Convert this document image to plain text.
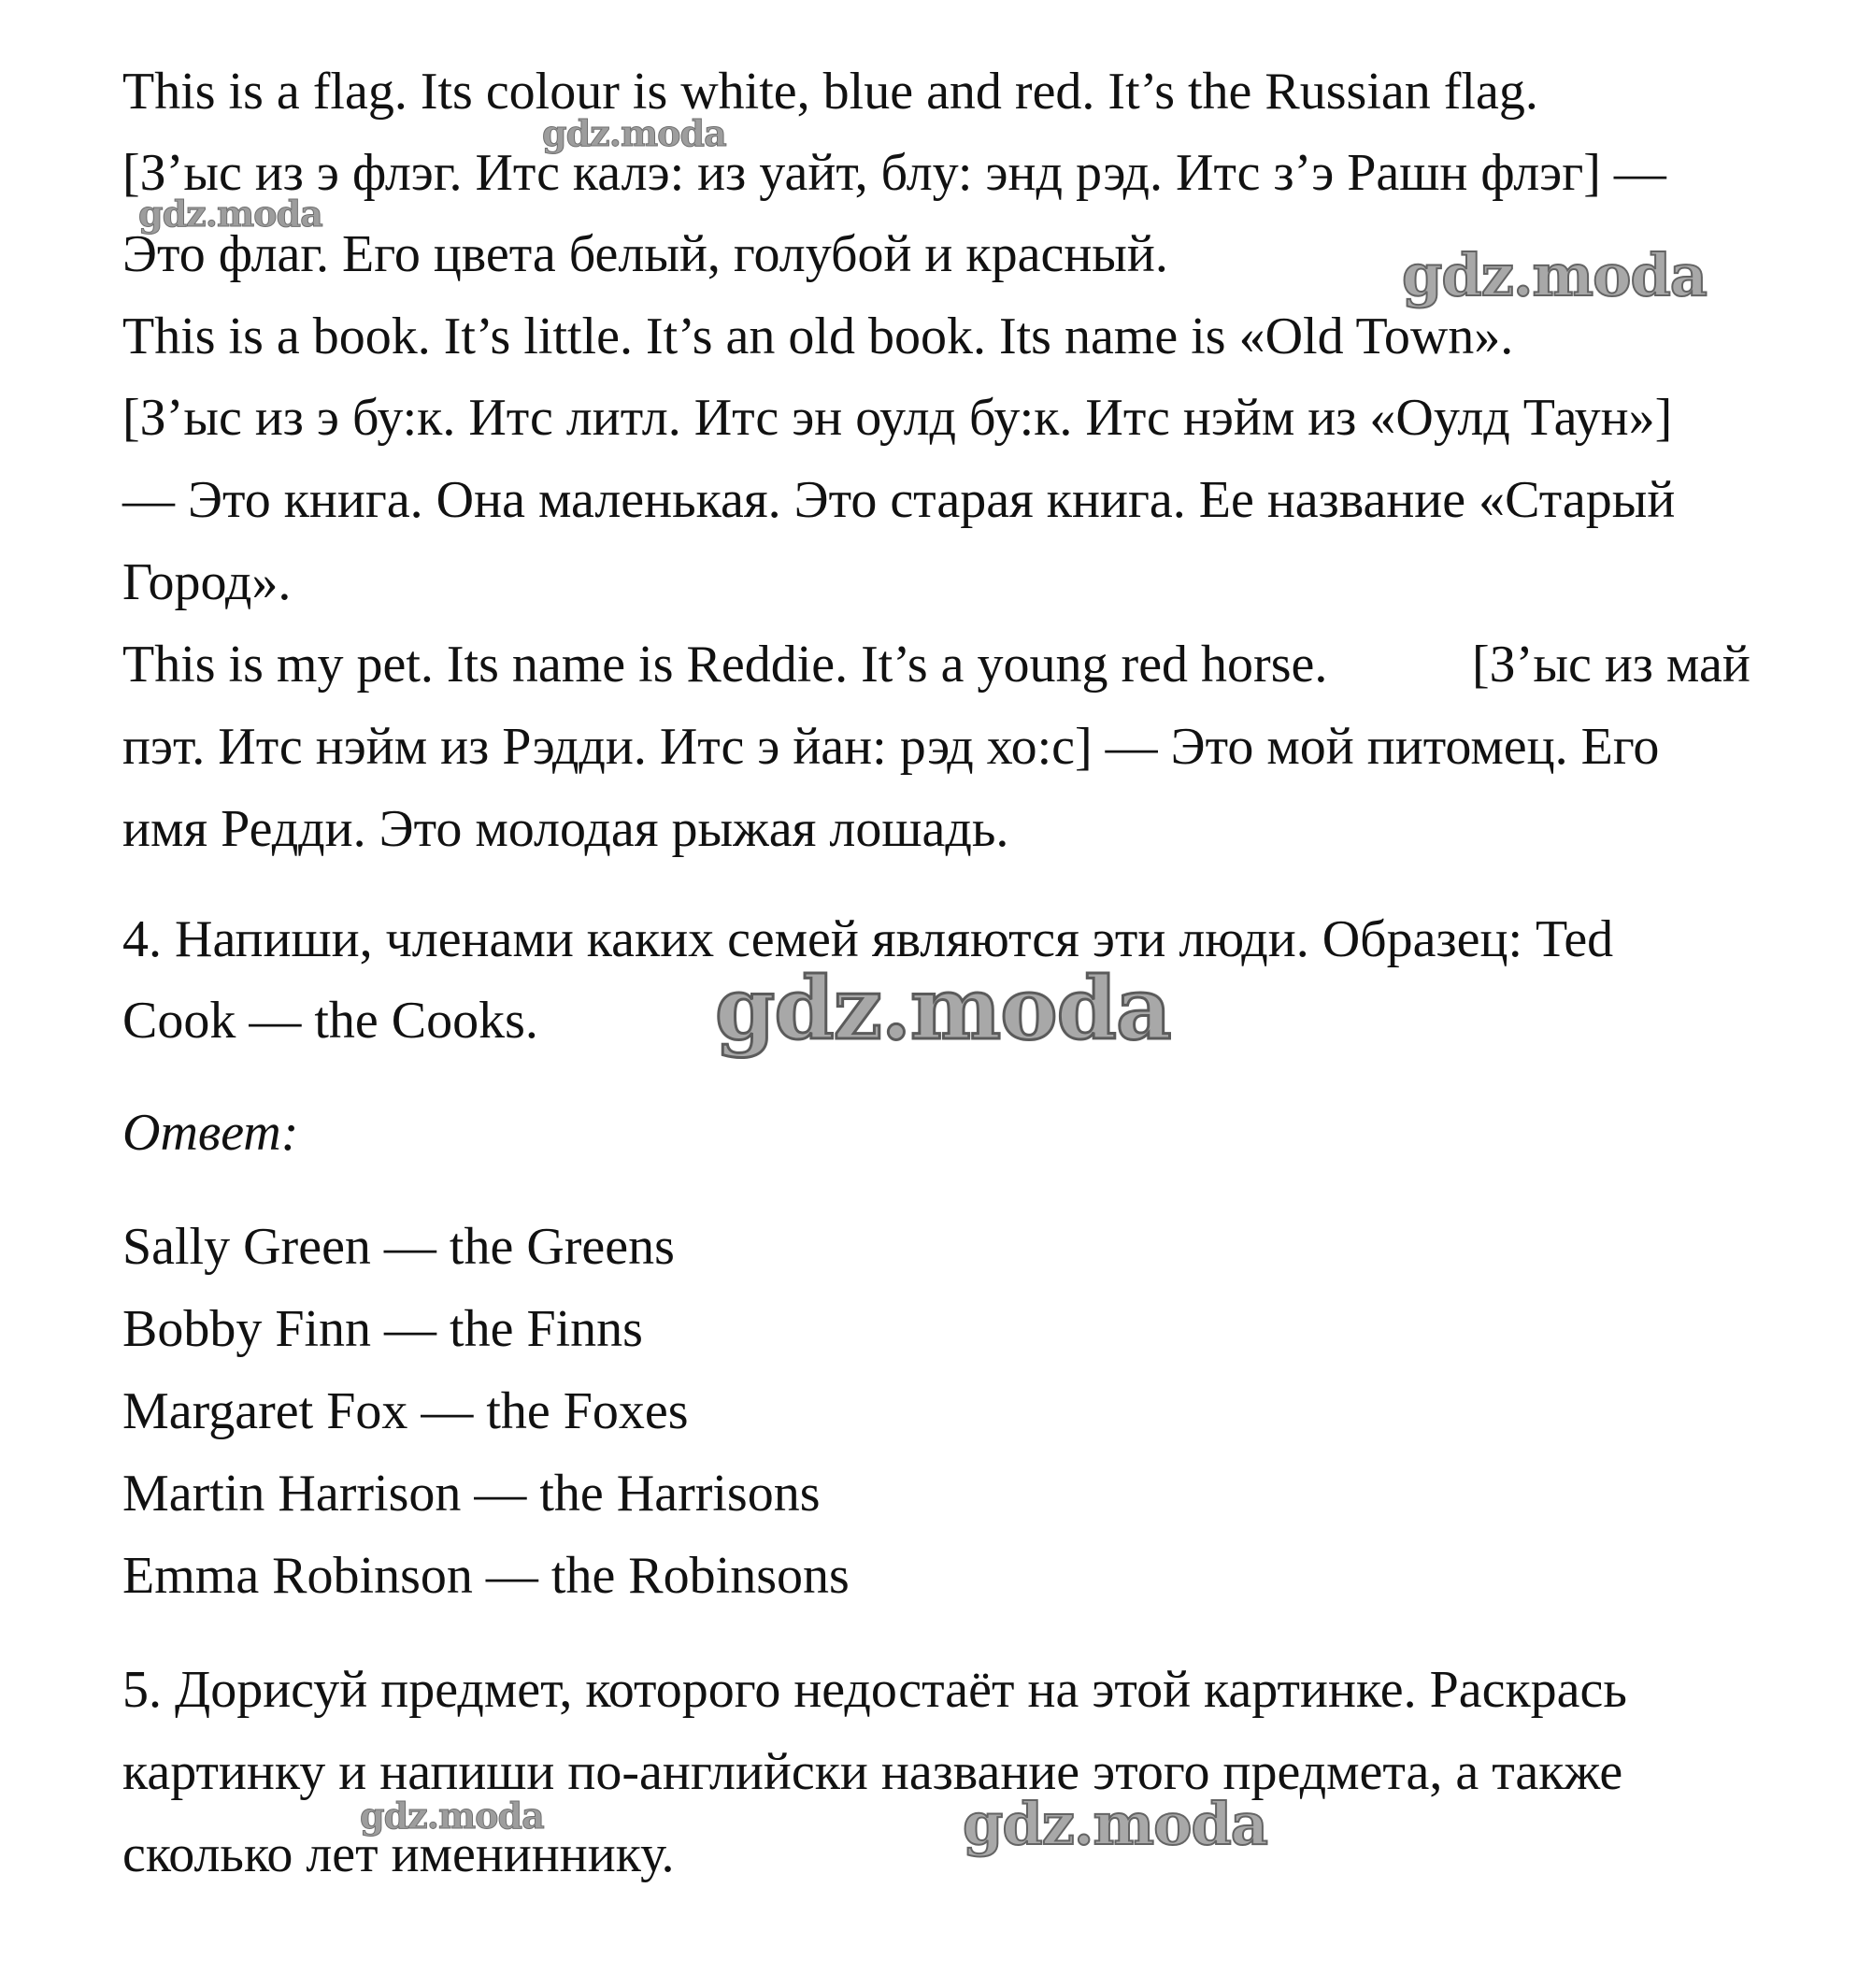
This is a flag. Its colour is white, blue and red. It’s the Russian flag.

[З’ыс из э флэг. Итс калэ: из уайт, блу: энд рэд. Итс з’э Рашн флэг] —

Это флаг. Его цвета белый, голубой и красный.

This is a book. It’s little. It’s an old book. Its name is «Old Town».

[З’ыс из э бу:к. Итс литл. Итс эн оулд бу:к. Итс нэйм из «Оулд Таун»]

— Это книга. Она маленькая. Это старая книга. Ее название «Старый

Город».

This is my pet. Its name is Reddie. It’s a young red horse.	[З’ыс из май

пэт. Итс нэйм из Рэдди. Итс э йан: рэд хо:с] — Это мой питомец. Его

имя Редди. Это молодая рыжая лошадь.

4. Напиши, членами каких семей являются эти люди. Образец: Ted

Cook — the Cooks.

Ответ:

Sally Green — the Greens

Bobby Finn — the Finns

Margaret Fox — the Foxes

Martin Harrison — the Harrisons

Emma Robinson — the Robinsons

5. Дорисуй предмет, которого недостаёт на этой картинке. Раскрась

картинку и напиши по-английски название этого предмета, а также

сколько лет имениннику.

gdz.moda

gdz.moda

gdz.moda

gdz.moda

gdz.moda	gdz.moda
